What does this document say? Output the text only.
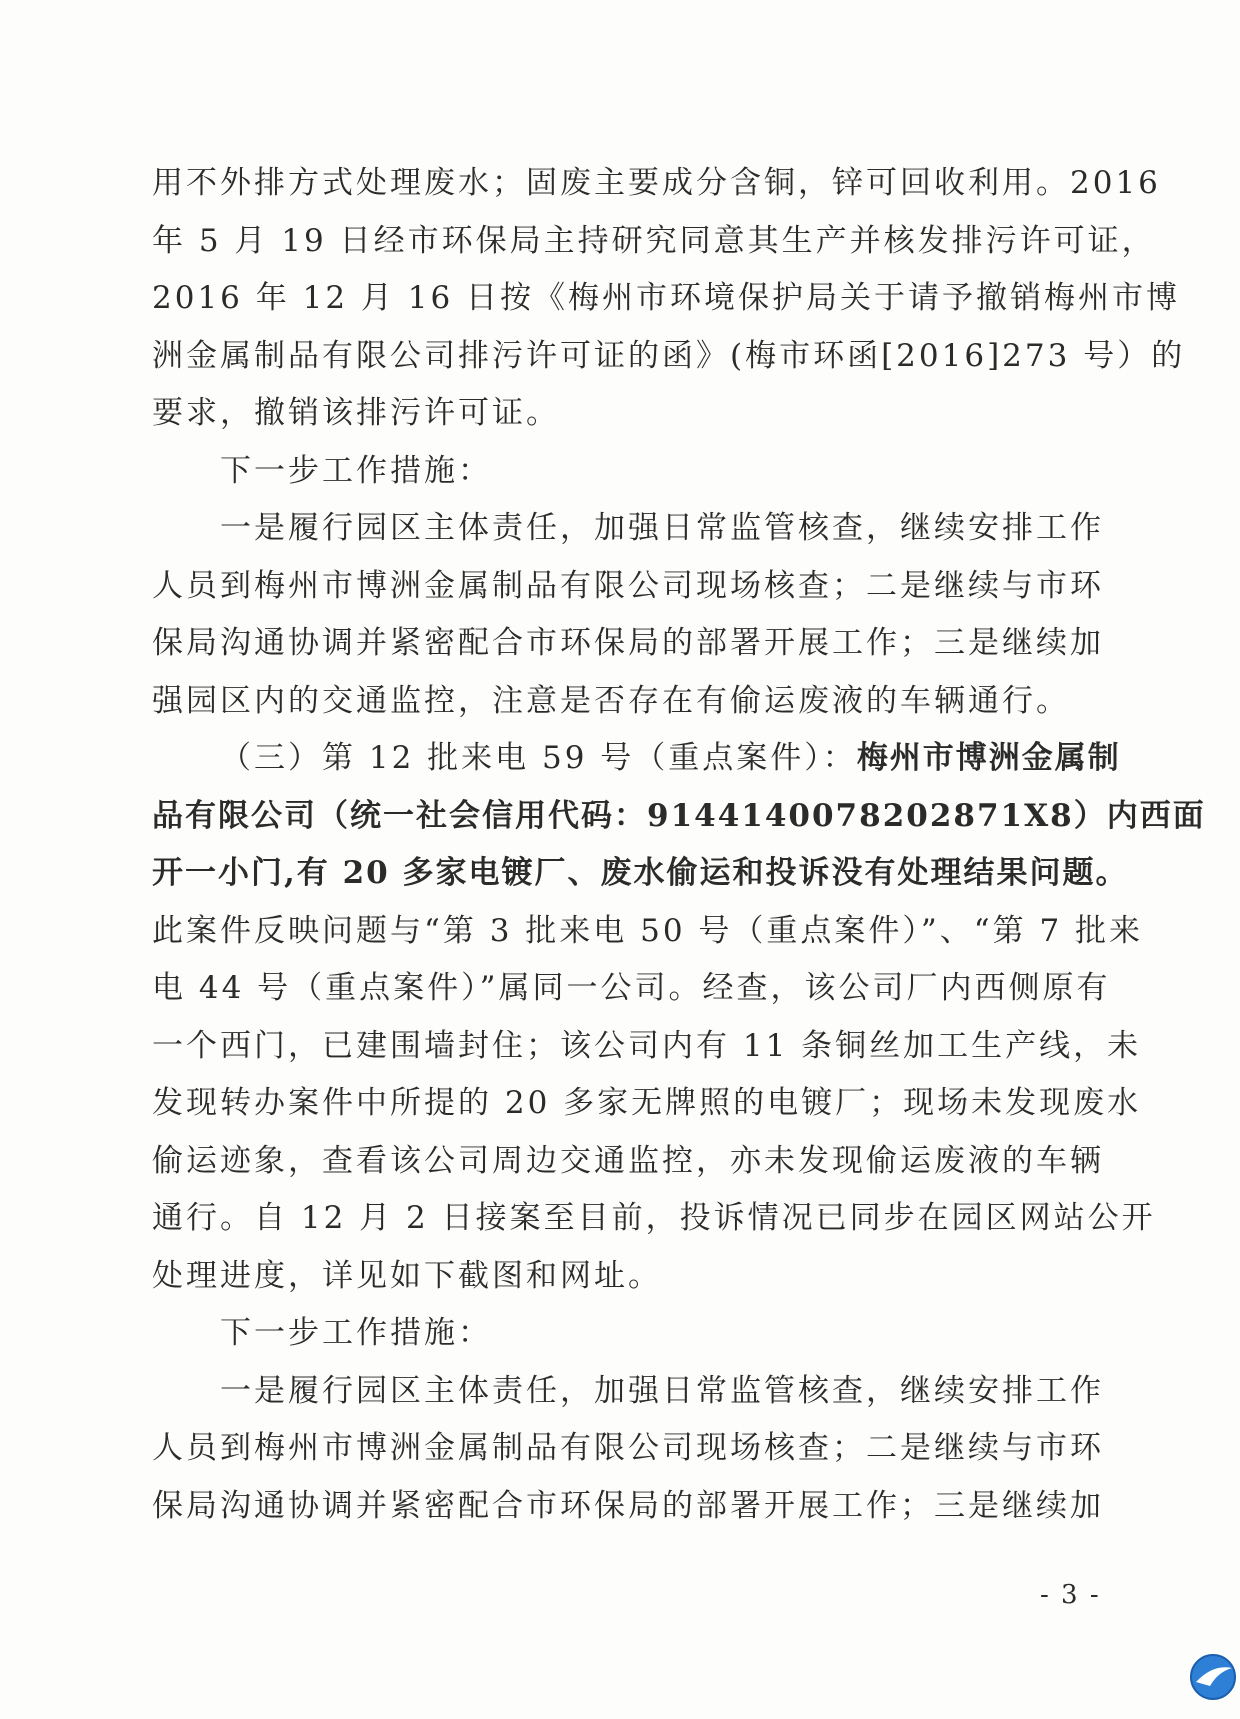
用不外排方式处理废水；固废主要成分含铜，锌可回收利用。2016
年 5 月 19 日经市环保局主持研究同意其生产并核发排污许可证，
2016 年 12 月 16 日按《梅州市环境保护局关于请予撤销梅州市博
洲金属制品有限公司排污许可证的函》(梅市环函[2016]273 号）的
要求，撤销该排污许可证。
下一步工作措施：
一是履行园区主体责任，加强日常监管核查，继续安排工作
人员到梅州市博洲金属制品有限公司现场核查；二是继续与市环
保局沟通协调并紧密配合市环保局的部署开展工作；三是继续加
强园区内的交通监控，注意是否存在有偷运废液的车辆通行。
（三）第 12 批来电 59 号（重点案件）：梅州市博洲金属制
品有限公司（统一社会信用代码：9144140078202871X8）内西面
开一小门,有 20 多家电镀厂、废水偷运和投诉没有处理结果问题。
此案件反映问题与“第 3 批来电 50 号（重点案件）”、“第 7 批来
电 44 号（重点案件）”属同一公司。经查，该公司厂内西侧原有
一个西门，已建围墙封住；该公司内有 11 条铜丝加工生产线，未
发现转办案件中所提的 20 多家无牌照的电镀厂；现场未发现废水
偷运迹象，查看该公司周边交通监控，亦未发现偷运废液的车辆
通行。自 12 月 2 日接案至目前，投诉情况已同步在园区网站公开
处理进度，详见如下截图和网址。
下一步工作措施：
一是履行园区主体责任，加强日常监管核查，继续安排工作
人员到梅州市博洲金属制品有限公司现场核查；二是继续与市环
保局沟通协调并紧密配合市环保局的部署开展工作；三是继续加
- 3 -
